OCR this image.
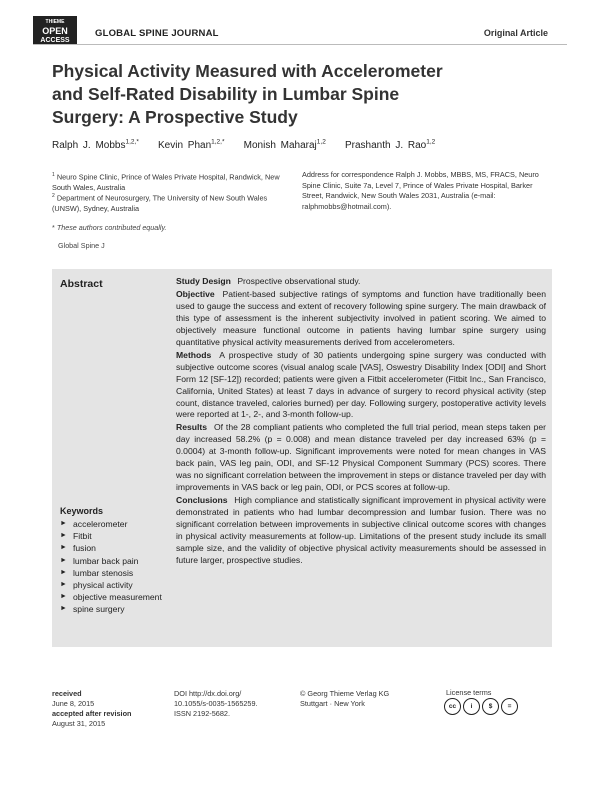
THIEME
OPEN
ACCESS
GLOBAL SPINE JOURNAL	Original Article
Physical Activity Measured with Accelerometer and Self-Rated Disability in Lumbar Spine Surgery: A Prospective Study
Ralph J. Mobbs$^{1,2,*}$ Kevin Phan$^{1,2,*}$ Monish Maharaj$^{1,2}$ Prashanth J. Rao$^{1,2}$
$^1$ Neuro Spine Clinic, Prince of Wales Private Hospital, Randwick, New South Wales, Australia
$^2$ Department of Neurosurgery, The University of New South Wales (UNSW), Sydney, Australia
Address for correspondence Ralph J. Mobbs, MBBS, MS, FRACS, Neuro Spine Clinic, Suite 7a, Level 7, Prince of Wales Private Hospital, Barker Street, Randwick, New South Wales 2031, Australia (e-mail: ralphmobbs@hotmail.com).
* These authors contributed equally.
Global Spine J
Abstract	Study Design Prospective observational study.

Objective Patient-based subjective ratings of symptoms and function have traditionally been used to gauge the success and extent of recovery following spine surgery. The main drawback of this type of assessment is the inherent subjectivity involved in patient scoring. We aimed to objectively measure functional outcome in patients having lumbar spine surgery using quantitative physical activity measurements derived from accelerometers.

Methods A prospective study of 30 patients undergoing spine surgery was conducted with subjective outcome scores (visual analog scale [VAS], Oswestry Disability Index [ODI] and Short Form 12 [SF-12]) recorded; patients were given a Fitbit accelerometer (Fitbit Inc., San Francisco, California, United States) at least 7 days in advance of surgery to record physical activity (step count, distance traveled, calories burned) per day. Following surgery, postoperative activity levels were reported at 1-, 2-, and 3-month follow-up.

Results Of the 28 compliant patients who completed the full trial period, mean steps taken per day increased 58.2% (p = 0.008) and mean distance traveled per day increased 63% (p = 0.0004) at 3-month follow-up. Significant improvements were noted for mean changes in VAS back pain, VAS leg pain, ODI, and SF-12 Physical Component Summary (PCS) scores. There was no significant correlation between the improvement in steps or distance traveled per day with improvements in VAS back or leg pain, ODI, or PCS scores at follow-up.

Conclusions High compliance and statistically significant improvement in physical activity were demonstrated in patients who had lumbar decompression and lumbar fusion. There was no significant correlation between improvements in subjective clinical outcome scores with changes in physical activity measurements at follow-up. Limitations of the present study include its small sample size, and the validity of objective physical activity measurements should be assessed in future larger, prospective studies.

Keywords
► accelerometer
► Fitbit
► fusion
► lumbar back pain
► lumbar stenosis
► physical activity
► objective measurement
► spine surgery
received
June 8, 2015
accepted after revision
August 31, 2015
DOI http://dx.doi.org/
10.1055/s-0035-1565259.
ISSN 2192-5682.
© Georg Thieme Verlag KG
Stuttgart · New York
License terms
cc	i	$	=
